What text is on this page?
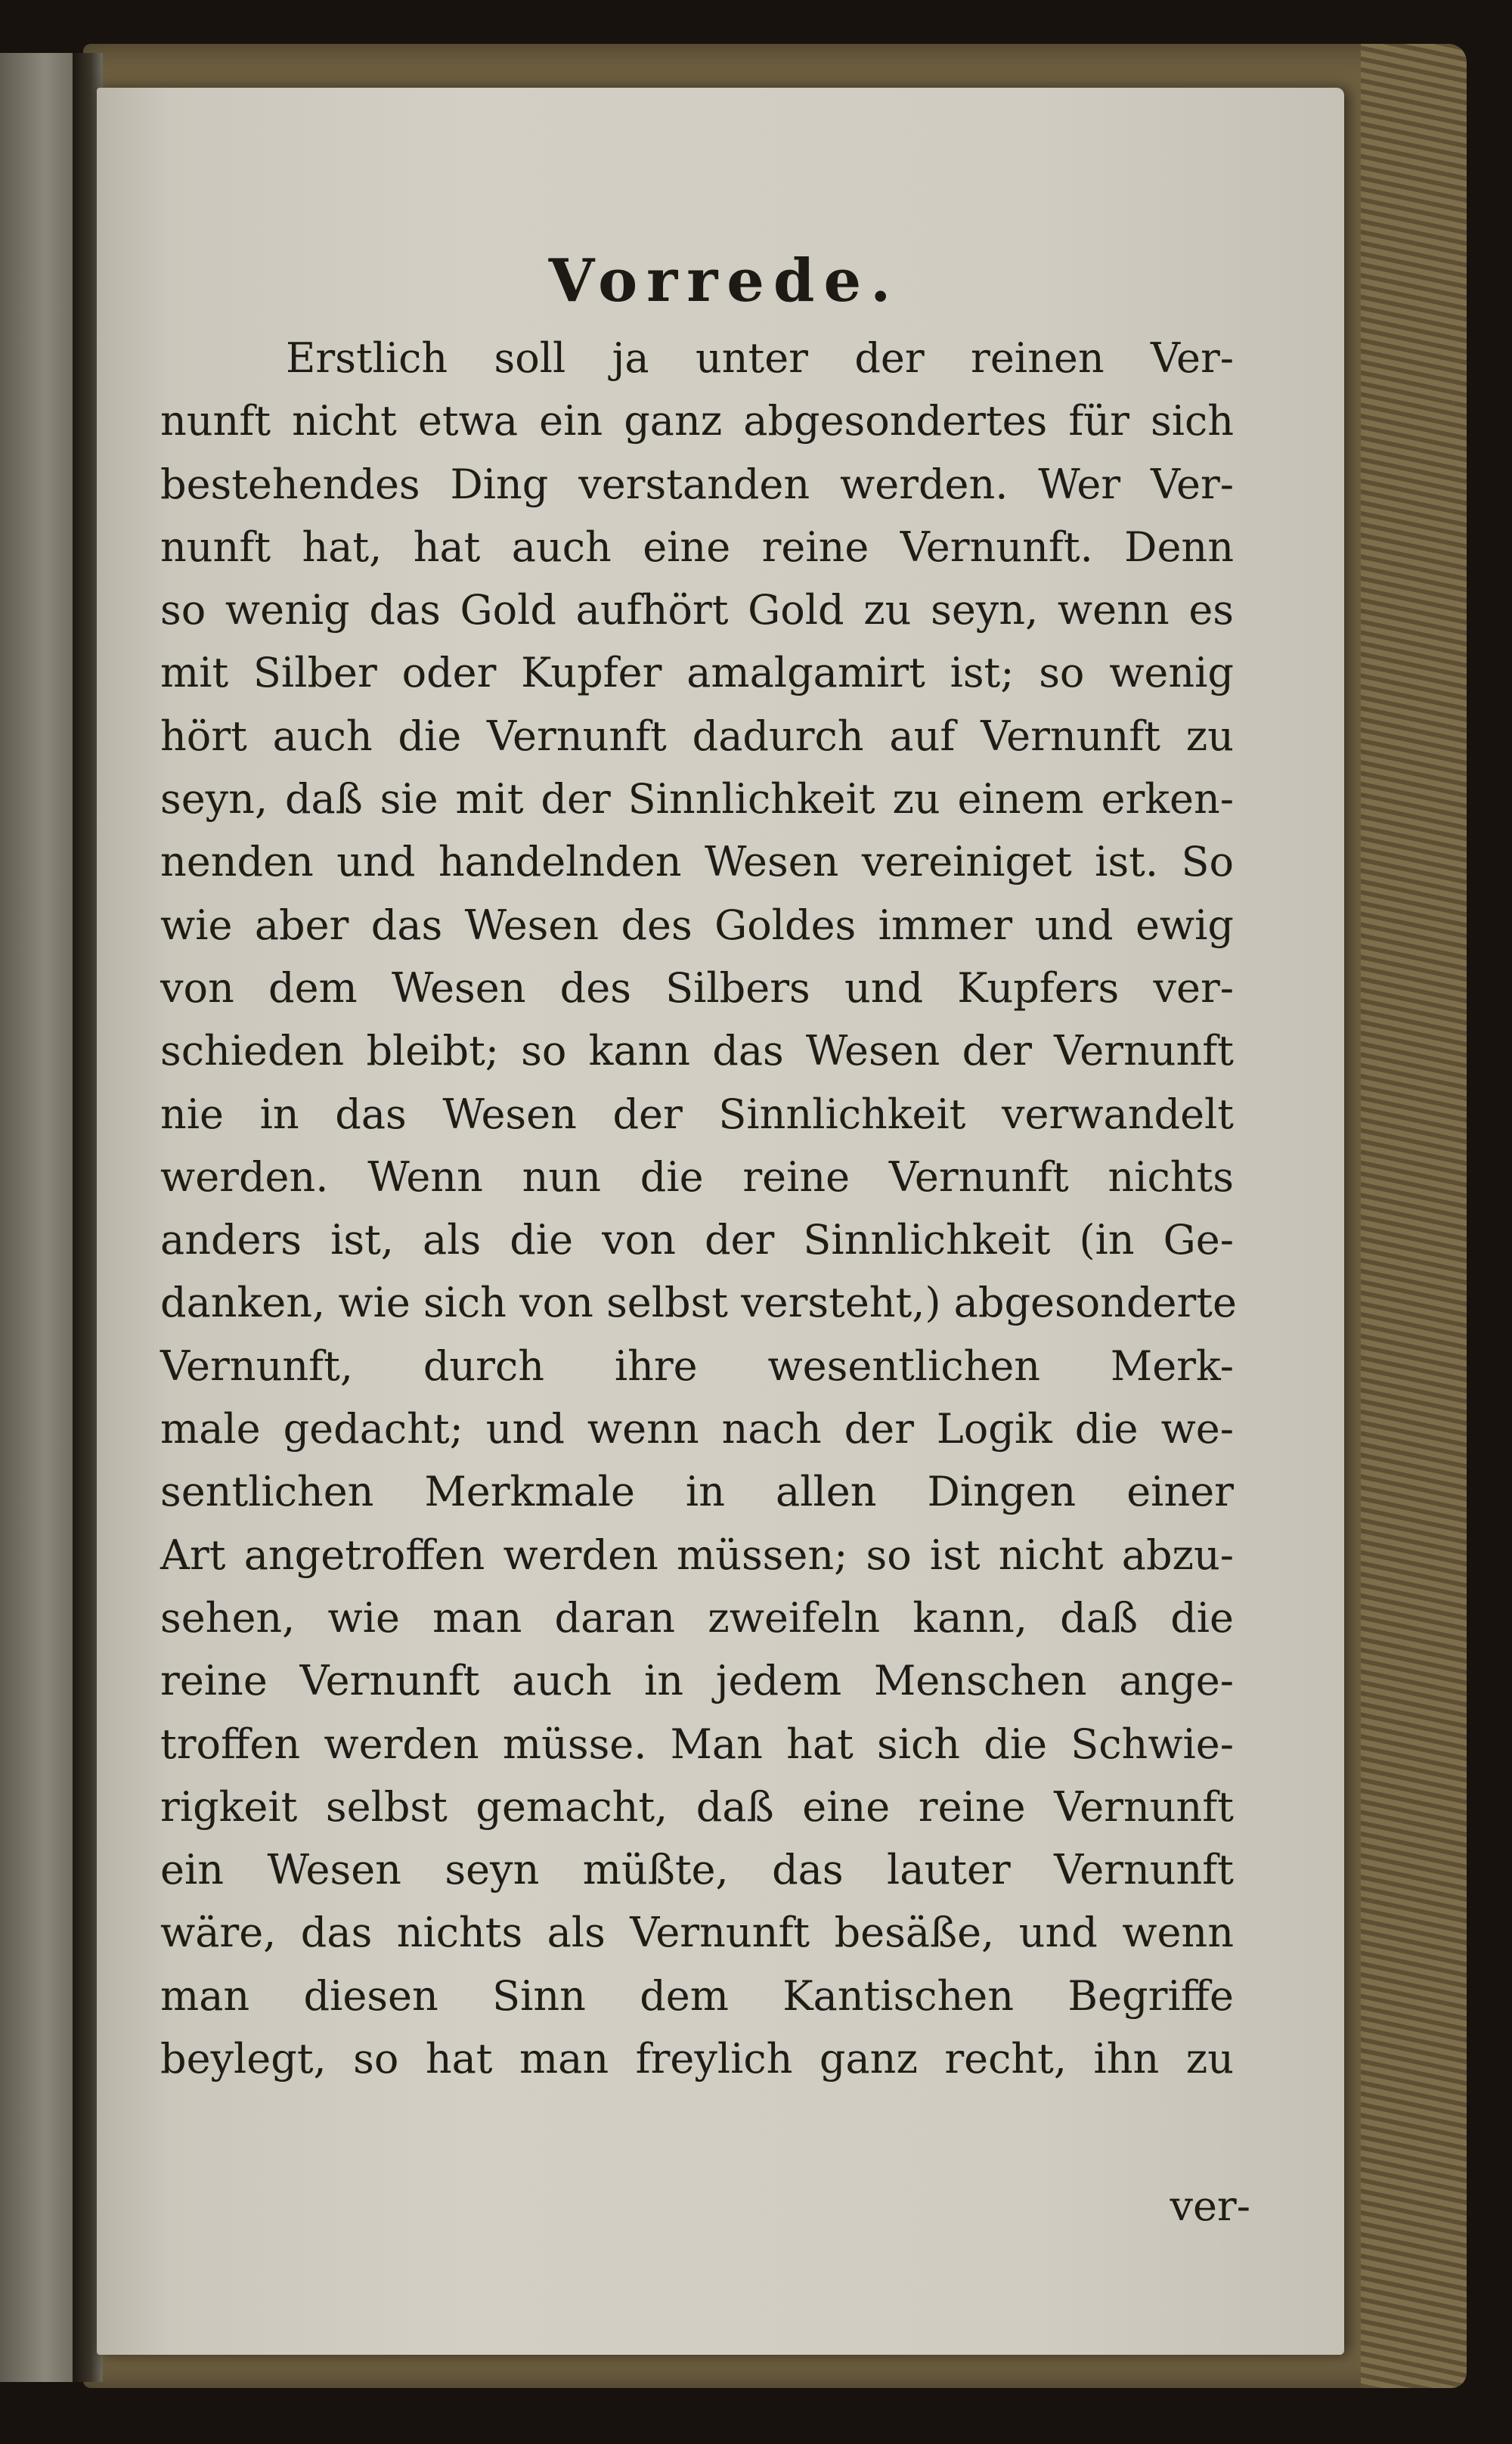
Vorrede.
Erstlich soll ja unter der reinen Ver-
nunft nicht etwa ein ganz abgesondertes für sich
bestehendes Ding verstanden werden. Wer Ver-
nunft hat, hat auch eine reine Vernunft. Denn
so wenig das Gold aufhört Gold zu seyn, wenn es
mit Silber oder Kupfer amalgamirt ist; so wenig
hört auch die Vernunft dadurch auf Vernunft zu
seyn, daß sie mit der Sinnlichkeit zu einem erken-
nenden und handelnden Wesen vereiniget ist. So
wie aber das Wesen des Goldes immer und ewig
von dem Wesen des Silbers und Kupfers ver-
schieden bleibt; so kann das Wesen der Vernunft
nie in das Wesen der Sinnlichkeit verwandelt
werden. Wenn nun die reine Vernunft nichts
anders ist, als die von der Sinnlichkeit (in Ge-
danken, wie sich von selbst versteht,) abgesonderte
Vernunft, durch ihre wesentlichen Merk-
male gedacht; und wenn nach der Logik die we-
sentlichen Merkmale in allen Dingen einer
Art angetroffen werden müssen; so ist nicht abzu-
sehen, wie man daran zweifeln kann, daß die
reine Vernunft auch in jedem Menschen ange-
troffen werden müsse. Man hat sich die Schwie-
rigkeit selbst gemacht, daß eine reine Vernunft
ein Wesen seyn müßte, das lauter Vernunft
wäre, das nichts als Vernunft besäße, und wenn
man diesen Sinn dem Kantischen Begriffe
beylegt, so hat man freylich ganz recht, ihn zu
ver-
